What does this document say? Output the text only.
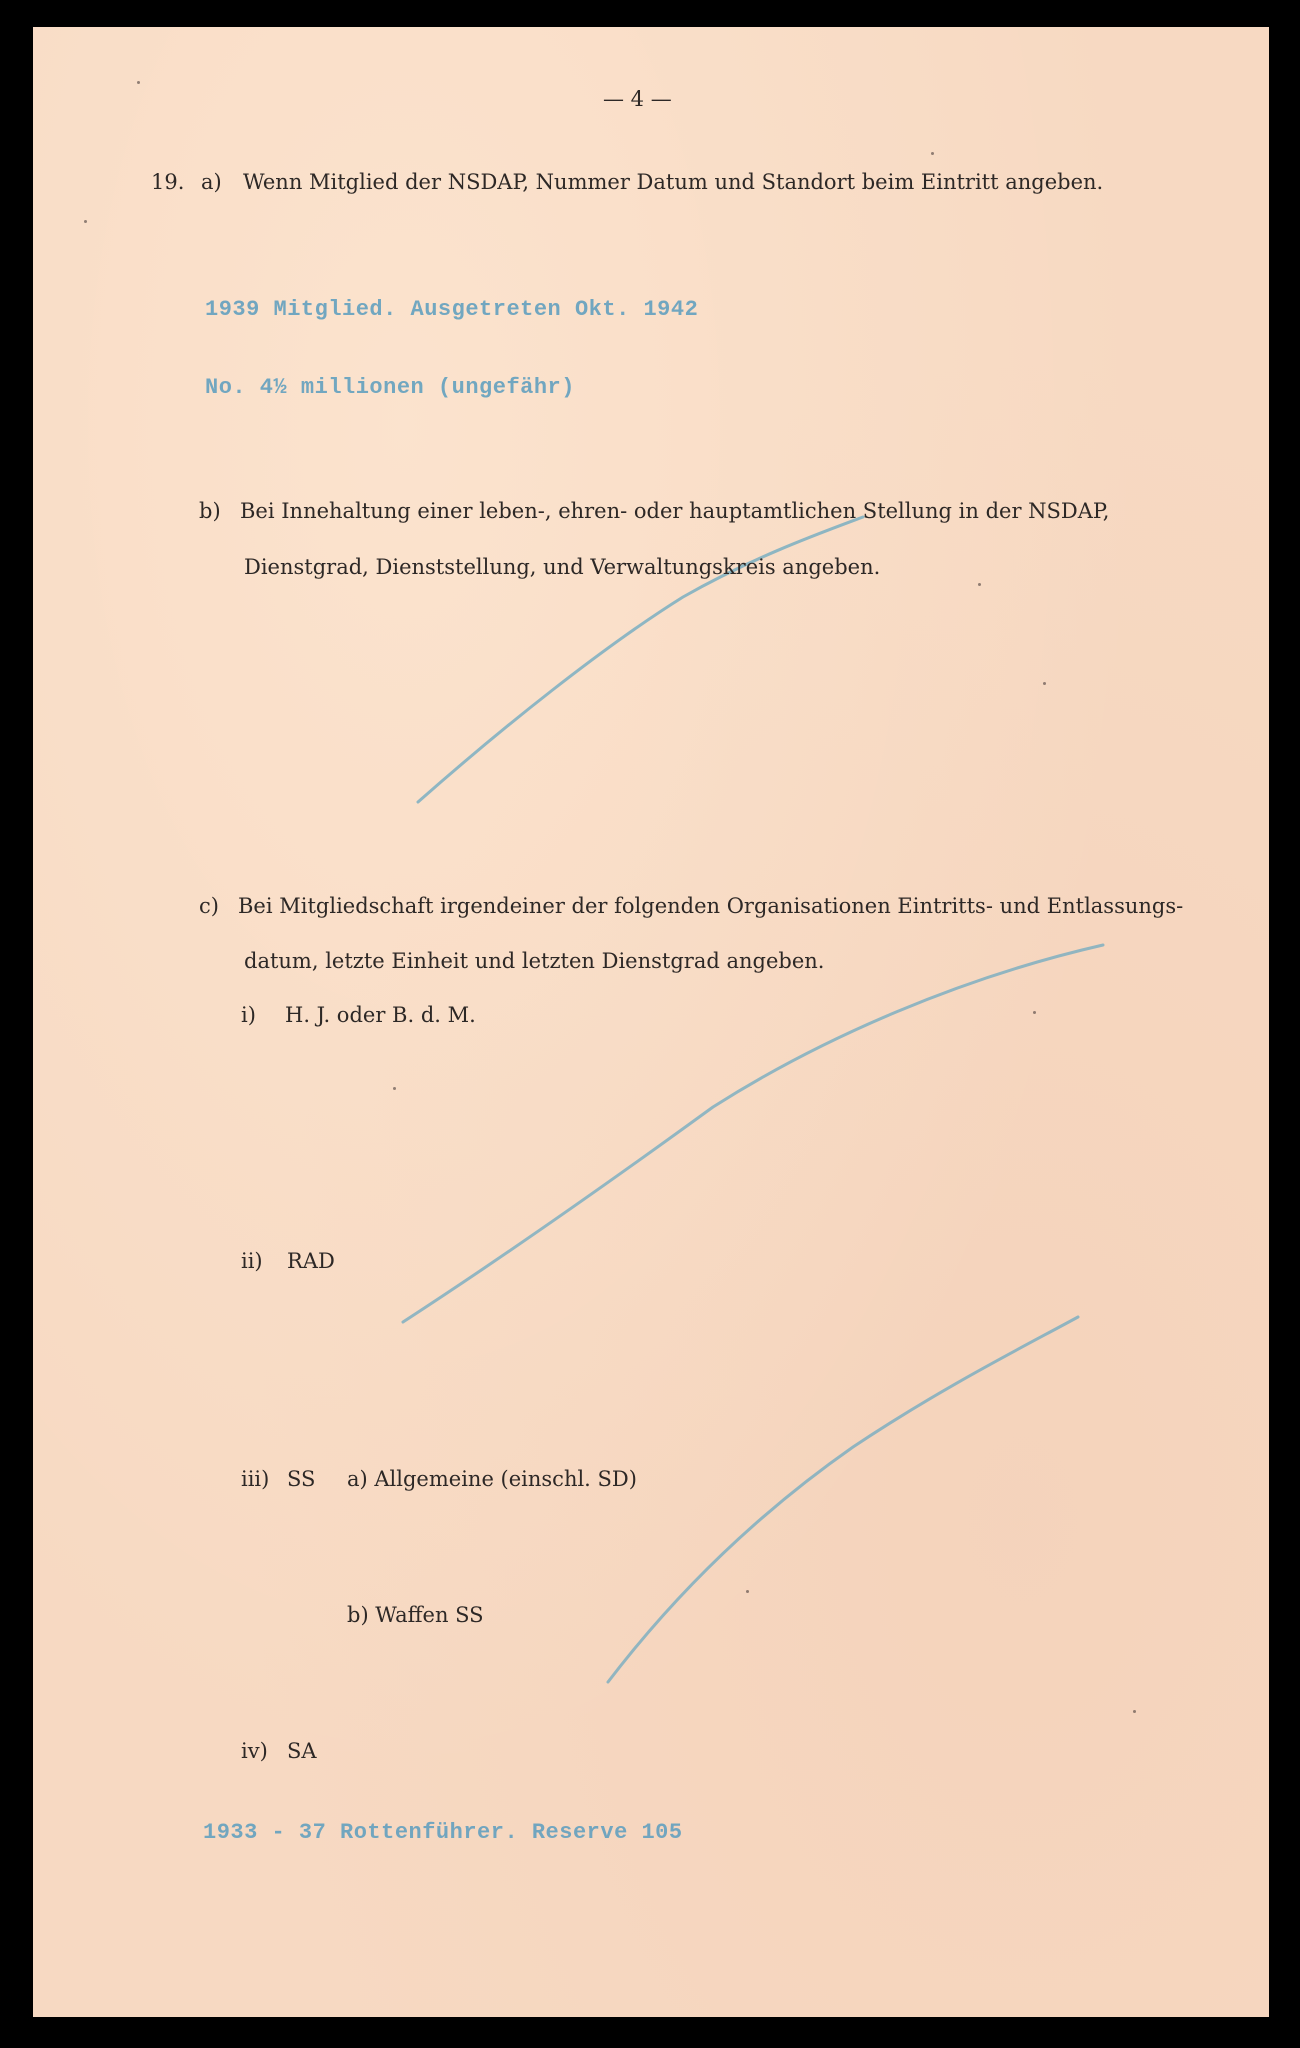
— 4 —

19. a) Wenn Mitglied der NSDAP, Nummer Datum und Standort beim Eintritt angeben.

1939 Mitglied. Ausgetreten Okt. 1942
No. 4½ millionen (ungefähr)

b) Bei Innehaltung einer leben-, ehren- oder hauptamtlichen Stellung in der NSDAP,

Dienstgrad, Dienststellung, und Verwaltungskreis angeben.

c) Bei Mitgliedschaft irgendeiner der folgenden Organisationen Eintritts- und Entlassungs-

datum, letzte Einheit und letzten Dienstgrad angeben.

i) H. J. oder B. d. M.

ii) RAD

iii) SS a) Allgemeine (einschl. SD)

b) Waffen SS

iv) SA

1933 - 37 Rottenführer. Reserve 105
